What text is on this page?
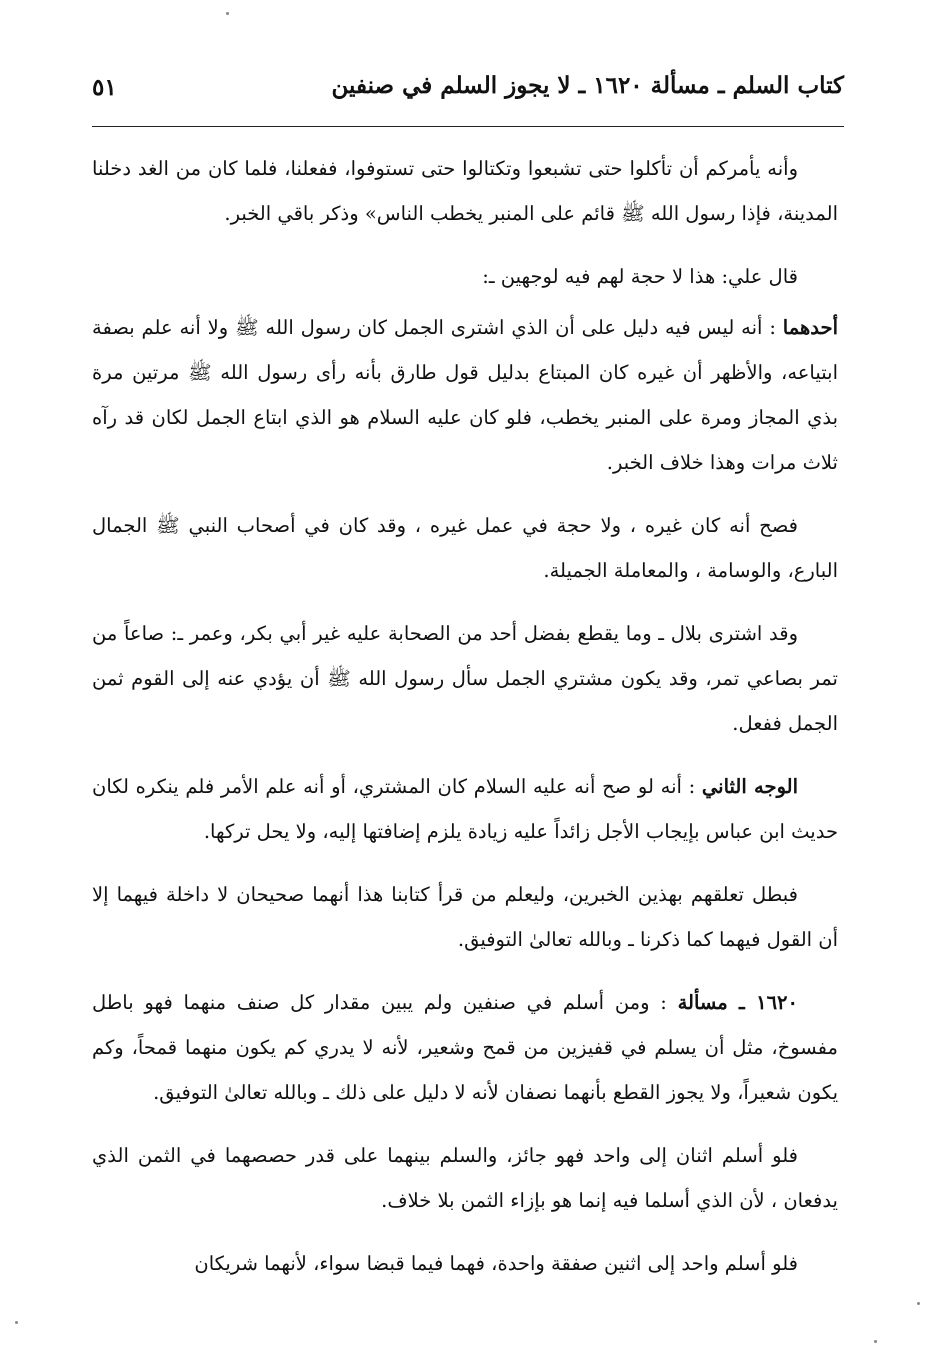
كتاب السلم ـ مسألة ١٦٢٠ ـ لا يجوز السلم في صنفين
٥١

وأنه يأمركم أن تأكلوا حتى تشبعوا وتكتالوا حتى تستوفوا، ففعلنا، فلما كان من الغد دخلنا المدينة، فإذا رسول الله ﷺ قائم على المنبر يخطب الناس» وذكر باقي الخبر.

قال علي: هذا لا حجة لهم فيه لوجهين ـ:

أحدهما : أنه ليس فيه دليل على أن الذي اشترى الجمل كان رسول الله ﷺ ولا أنه علم بصفة ابتياعه، والأظهر أن غيره كان المبتاع بدليل قول طارق بأنه رأى رسول الله ﷺ مرتين مرة بذي المجاز ومرة على المنبر يخطب، فلو كان عليه السلام هو الذي ابتاع الجمل لكان قد رآه ثلاث مرات وهذا خلاف الخبر.

فصح أنه كان غيره ، ولا حجة في عمل غيره ، وقد كان في أصحاب النبي ﷺ الجمال البارع، والوسامة ، والمعاملة الجميلة.

وقد اشترى بلال ـ وما يقطع بفضل أحد من الصحابة عليه غير أبي بكر، وعمر ـ: صاعاً من تمر بصاعي تمر، وقد يكون مشتري الجمل سأل رسول الله ﷺ أن يؤدي عنه إلى القوم ثمن الجمل ففعل.

الوجه الثاني : أنه لو صح أنه عليه السلام كان المشتري، أو أنه علم الأمر فلم ينكره لكان حديث ابن عباس بإيجاب الأجل زائداً عليه زيادة يلزم إضافتها إليه، ولا يحل تركها.

فبطل تعلقهم بهذين الخبرين، وليعلم من قرأ كتابنا هذا أنهما صحيحان لا داخلة فيهما إلا أن القول فيهما كما ذكرنا ـ وبالله تعالىٰ التوفيق.

١٦٢٠ ـ مسألة : ومن أسلم في صنفين ولم يبين مقدار كل صنف منهما فهو باطل مفسوخ، مثل أن يسلم في قفيزين من قمح وشعير، لأنه لا يدري كم يكون منهما قمحاً، وكم يكون شعيراً، ولا يجوز القطع بأنهما نصفان لأنه لا دليل على ذلك ـ وبالله تعالىٰ التوفيق.

فلو أسلم اثنان إلى واحد فهو جائز، والسلم بينهما على قدر حصصهما في الثمن الذي يدفعان ، لأن الذي أسلما فيه إنما هو بإزاء الثمن بلا خلاف.

فلو أسلم واحد إلى اثنين صفقة واحدة، فهما فيما قبضا سواء، لأنهما شريكان
